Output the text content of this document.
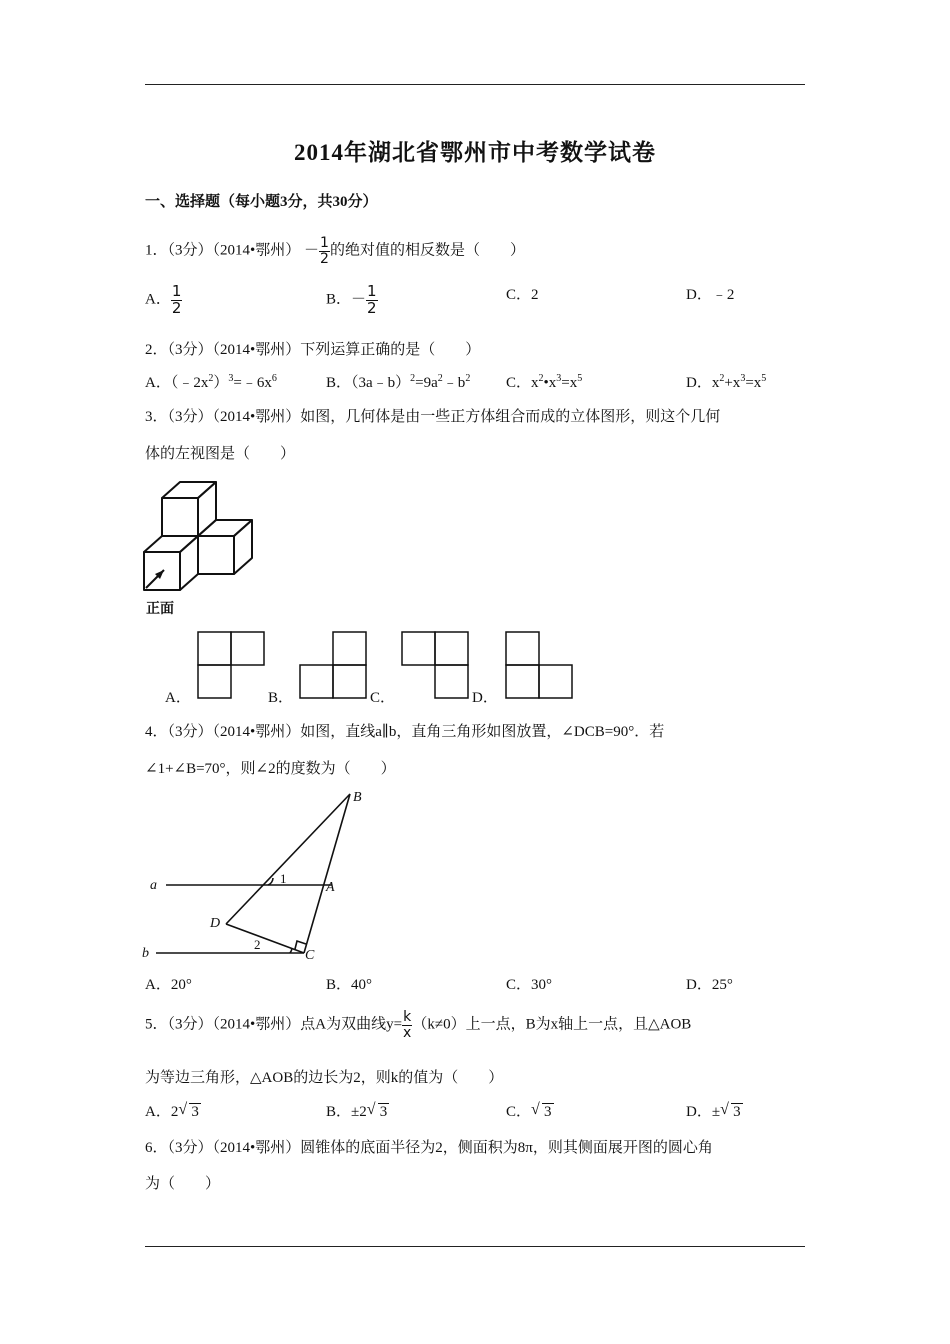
2014年湖北省鄂州市中考数学试卷
一、选择题（每小题3分，共30分）
1．（3分）（2014•鄂州） － $\frac{1}{2}$ 的绝对值的相反数是（　　）
A． $\frac{1}{2}$	B．－ $\frac{1}{2}$	C．2	D．﹣2
2．（3分）（2014•鄂州）下列运算正确的是（　　）
A．$(﹣2x^2)^3=﹣6x^6$	B．$(3a﹣b)^2=9a^2﹣b^2$ C．$x^2•x^3=x^5$	D．$x^2+x^3=x^5$
3．（3分）（2014•鄂州）如图，几何体是由一些正方体组合而成的立体图形，则这个几何
体的左视图是（　　）
正面
A．	B．	C．	D．
4．（3分）（2014•鄂州）如图，直线a∥b，直角三角形如图放置，∠DCB=90°．若
∠1+∠B=70°，则∠2的度数为（　　）
a
b
B
A
D
C
1
2
A．20°	B．40°	C．30°	D．25°
5．（3分）（2014•鄂州）点A为双曲线$y= \frac{k}{x} (k\ne 0)$上一点，B为x轴上一点，且△AOB
为等边三角形，△AOB的边长为2，则k的值为（　　）
A．2 √ 3	B．±2 √ 3	C． √ 3	D．± √ 3
6．（3分）（2014•鄂州）圆锥体的底面半径为2，侧面积为8π，则其侧面展开图的圆心角
为（　　）
